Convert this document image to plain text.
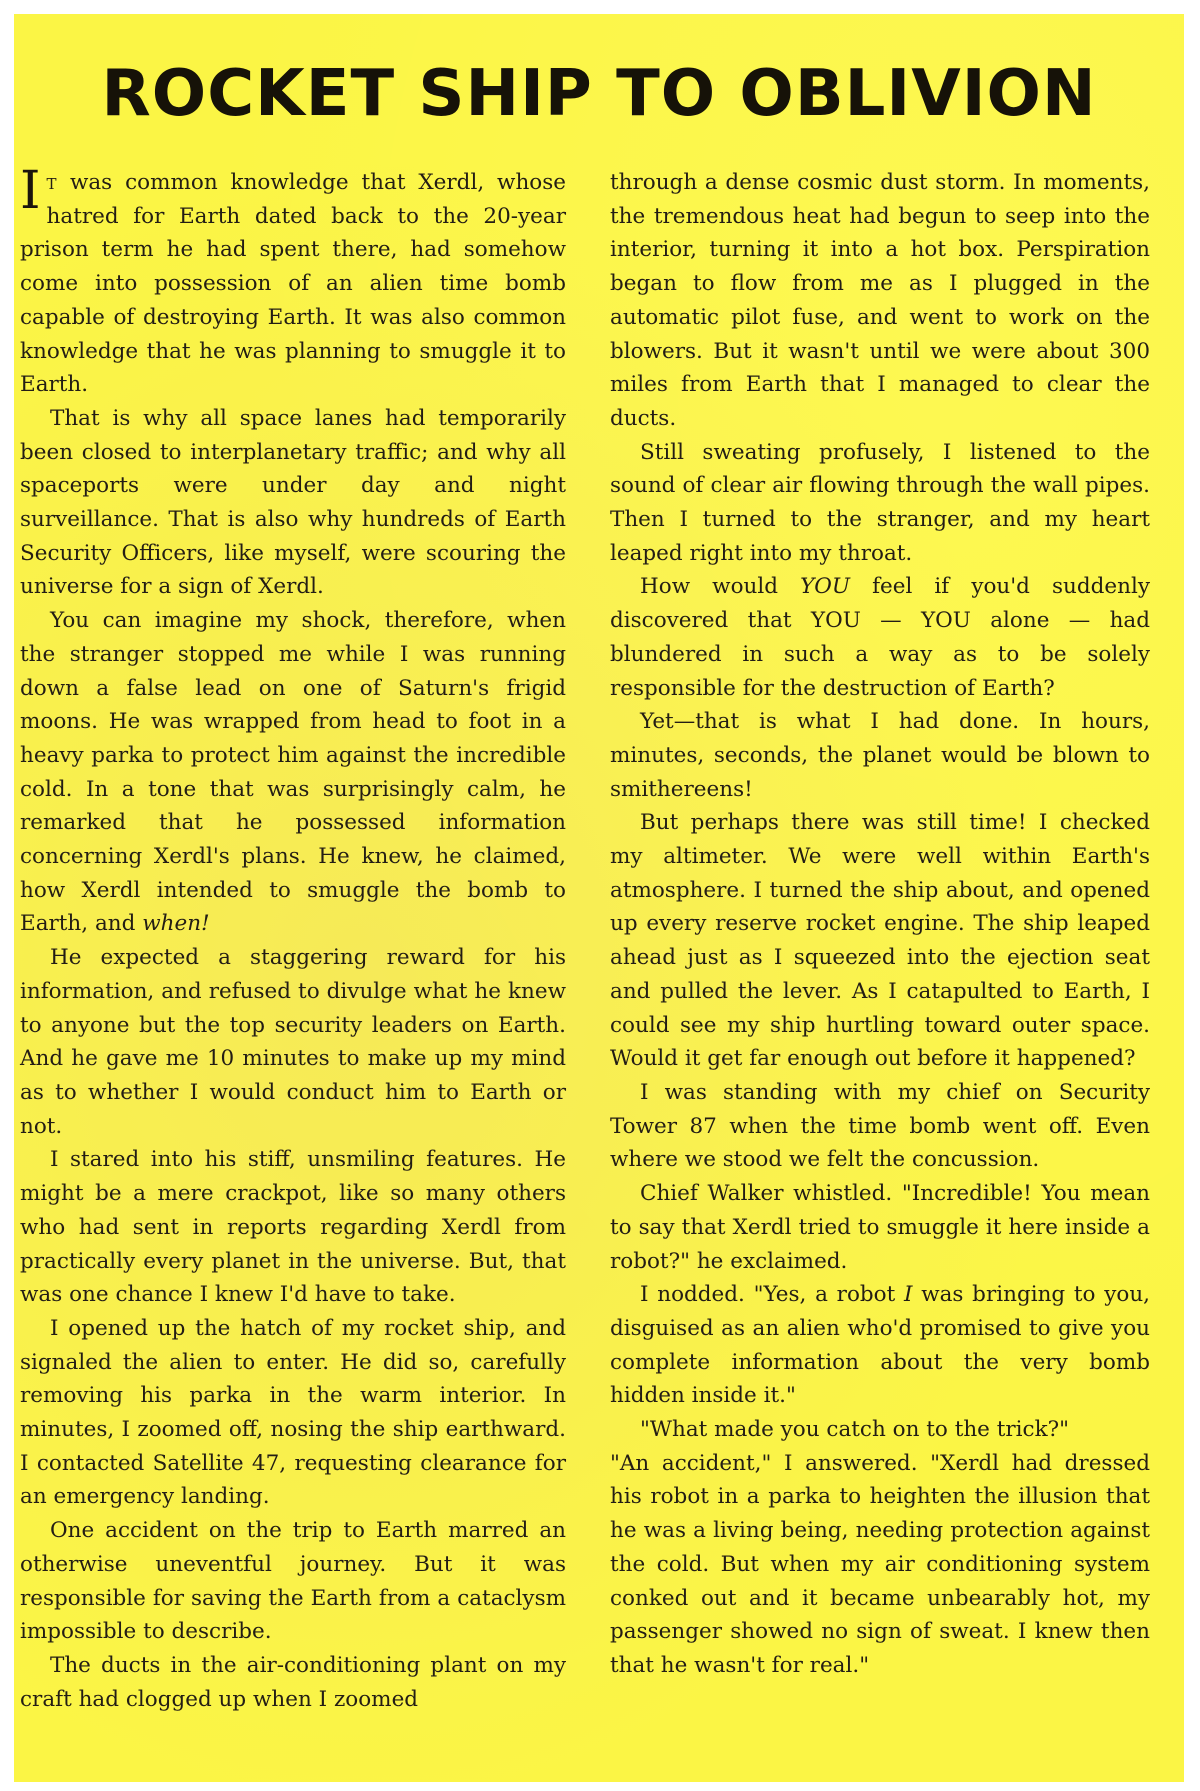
ROCKET SHIP TO OBLIVION

It was common knowledge that Xerdl, whose hatred for Earth dated back to the 20-year prison term he had spent there, had somehow come into possession of an alien time bomb capable of destroying Earth. It was also common knowledge that he was planning to smuggle it to Earth.

That is why all space lanes had temporarily been closed to interplanetary traffic; and why all spaceports were under day and night surveillance. That is also why hundreds of Earth Security Officers, like myself, were scouring the universe for a sign of Xerdl.

You can imagine my shock, therefore, when the stranger stopped me while I was running down a false lead on one of Saturn's frigid moons. He was wrapped from head to foot in a heavy parka to protect him against the incredible cold. In a tone that was surprisingly calm, he remarked that he possessed information concerning Xerdl's plans. He knew, he claimed, how Xerdl intended to smuggle the bomb to Earth, and when!

He expected a staggering reward for his information, and refused to divulge what he knew to anyone but the top security leaders on Earth. And he gave me 10 minutes to make up my mind as to whether I would conduct him to Earth or not.

I stared into his stiff, unsmiling features. He might be a mere crackpot, like so many others who had sent in reports regarding Xerdl from practically every planet in the universe. But, that was one chance I knew I'd have to take.

I opened up the hatch of my rocket ship, and signaled the alien to enter. He did so, carefully removing his parka in the warm interior. In minutes, I zoomed off, nosing the ship earthward. I contacted Satellite 47, requesting clearance for an emergency landing.

One accident on the trip to Earth marred an otherwise uneventful journey. But it was responsible for saving the Earth from a cataclysm impossible to describe.

The ducts in the air-conditioning plant on my craft had clogged up when I zoomed

through a dense cosmic dust storm. In moments, the tremendous heat had begun to seep into the interior, turning it into a hot box. Perspiration began to flow from me as I plugged in the automatic pilot fuse, and went to work on the blowers. But it wasn't until we were about 300 miles from Earth that I managed to clear the ducts.

Still sweating profusely, I listened to the sound of clear air flowing through the wall pipes. Then I turned to the stranger, and my heart leaped right into my throat.

How would YOU feel if you'd suddenly discovered that YOU — YOU alone — had blundered in such a way as to be solely responsible for the destruction of Earth?

Yet—that is what I had done. In hours, minutes, seconds, the planet would be blown to smithereens!

But perhaps there was still time! I checked my altimeter. We were well within Earth's atmosphere. I turned the ship about, and opened up every reserve rocket engine. The ship leaped ahead just as I squeezed into the ejection seat and pulled the lever. As I catapulted to Earth, I could see my ship hurtling toward outer space. Would it get far enough out before it happened?

I was standing with my chief on Security Tower 87 when the time bomb went off. Even where we stood we felt the concussion.

Chief Walker whistled. "Incredible! You mean to say that Xerdl tried to smuggle it here inside a robot?" he exclaimed.

I nodded. "Yes, a robot I was bringing to you, disguised as an alien who'd promised to give you complete information about the very bomb hidden inside it."

"What made you catch on to the trick?"

"An accident," I answered. "Xerdl had dressed his robot in a parka to heighten the illusion that he was a living being, needing protection against the cold. But when my air conditioning system conked out and it became unbearably hot, my passenger showed no sign of sweat. I knew then that he wasn't for real."
